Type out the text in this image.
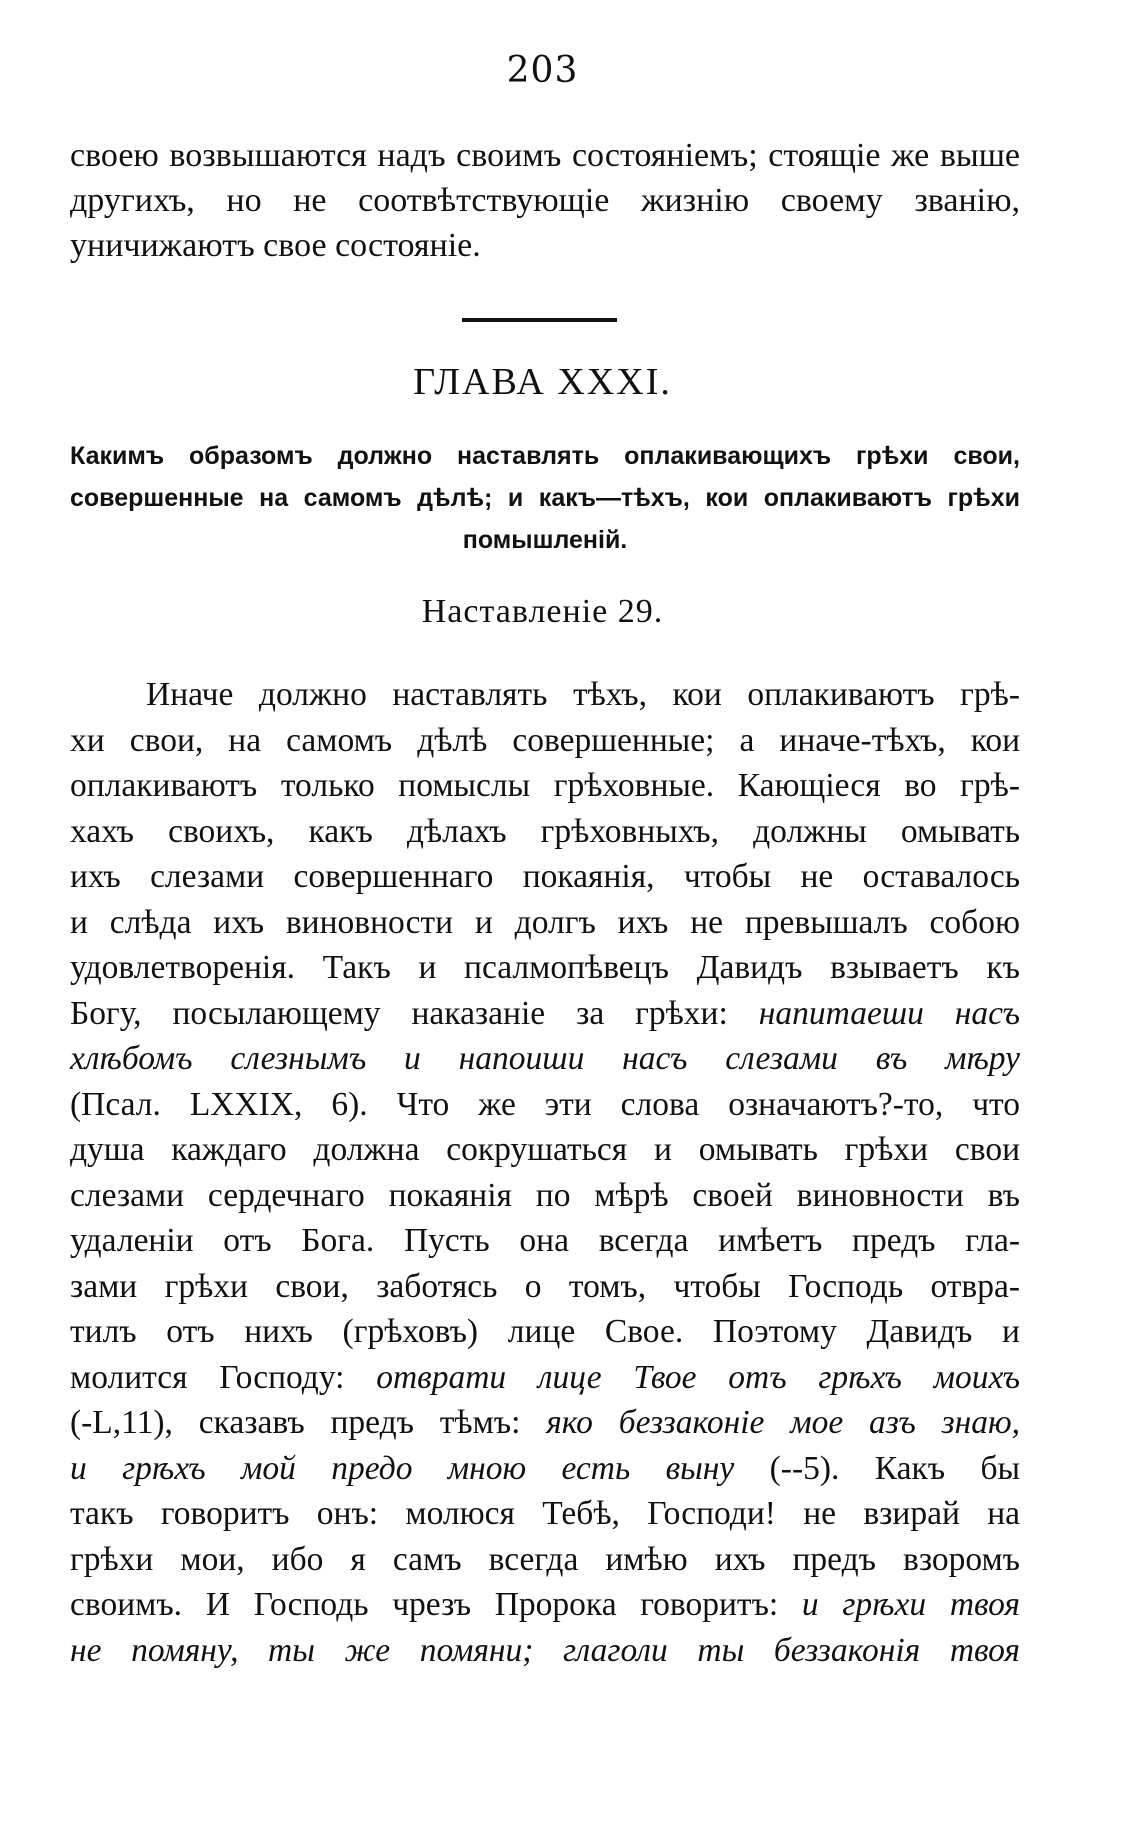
203
своею возвышаются надъ своимъ состояніемъ; стоящіе же выше другихъ, но не соотвѣтствующіе жизнію своему званію, уничижаютъ свое состояніе.
ГЛАВА XXXI.
Какимъ образомъ должно наставлять оплакивающихъ грѣхи свои, совершенные на самомъ дѣлѣ; и какъ—тѣхъ, кои оплакиваютъ грѣхи помышленій.
Наставленіе 29.
Иначе должно наставлять тѣхъ, кои оплакиваютъ грѣ-
хи свои, на самомъ дѣлѣ совершенные; а иначе-тѣхъ, кои
оплакиваютъ только помыслы грѣховные. Кающіеся во грѣ-
хахъ своихъ, какъ дѣлахъ грѣховныхъ, должны омывать
ихъ слезами совершеннаго покаянія, чтобы не оставалось
и слѣда ихъ виновности и долгъ ихъ не превышалъ собою
удовлетворенія. Такъ и псалмопѣвецъ Давидъ взываетъ къ
Богу, посылающему наказаніе за грѣхи: напитаеши насъ
хлѣбомъ слезнымъ и напоиши насъ слезами въ мѣру
(Псал. LXXIX, 6). Что же эти слова означаютъ?-то, что
душа каждаго должна сокрушаться и омывать грѣхи свои
слезами сердечнаго покаянія по мѣрѣ своей виновности въ
удаленіи отъ Бога. Пусть она всегда имѣетъ предъ гла-
зами грѣхи свои, заботясь о томъ, чтобы Господь отвра-
тилъ отъ нихъ (грѣховъ) лице Свое. Поэтому Давидъ и
молится Господу: отврати лице Твое отъ грѣхъ моихъ
(-L,11), сказавъ предъ тѣмъ: яко беззаконіе мое азъ знаю,
и грѣхъ мой предо мною есть выну (--5). Какъ бы
такъ говоритъ онъ: молюся Тебѣ, Господи! не взирай на
грѣхи мои, ибо я самъ всегда имѣю ихъ предъ взоромъ
своимъ. И Господь чрезъ Пророка говоритъ: и грѣхи твоя
не помяну, ты же помяни; глаголи ты беззаконія твоя
